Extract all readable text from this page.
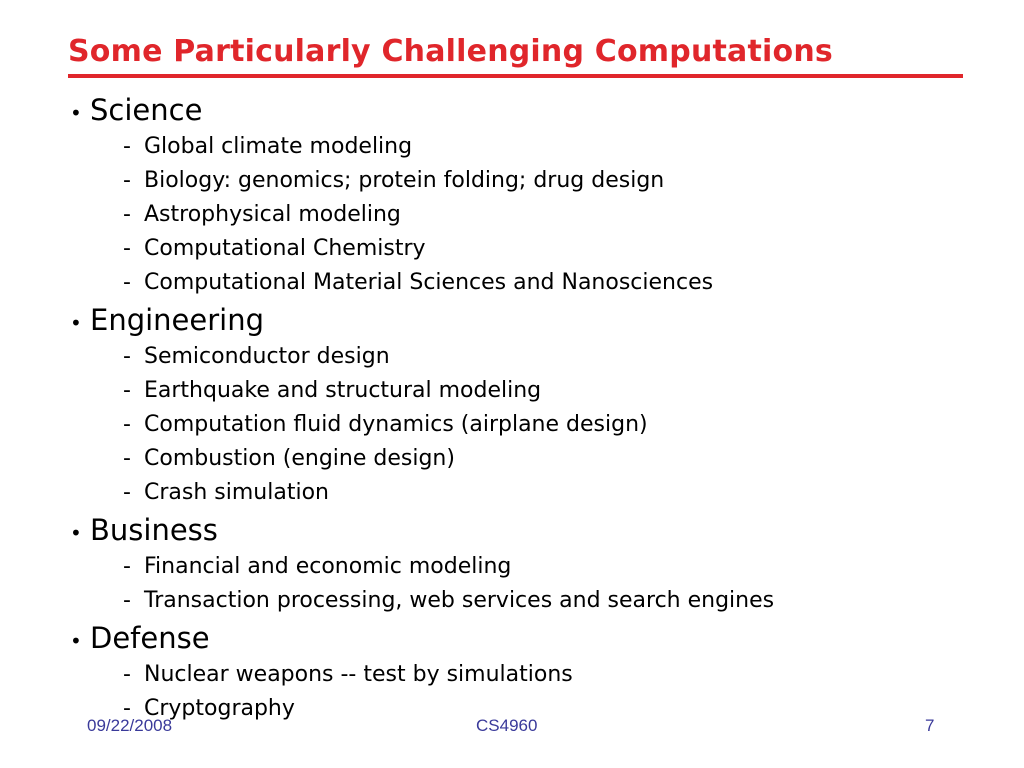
Some Particularly Challenging Computations
• Science
- Global climate modeling
- Biology: genomics; protein folding; drug design
- Astrophysical modeling
- Computational Chemistry
- Computational Material Sciences and Nanosciences
• Engineering
- Semiconductor design
- Earthquake and structural modeling
- Computation fluid dynamics (airplane design)
- Combustion (engine design)
- Crash simulation
• Business
- Financial and economic modeling
- Transaction processing, web services and search engines
• Defense
- Nuclear weapons -- test by simulations
- Cryptography
09/22/2008	CS4960	7
